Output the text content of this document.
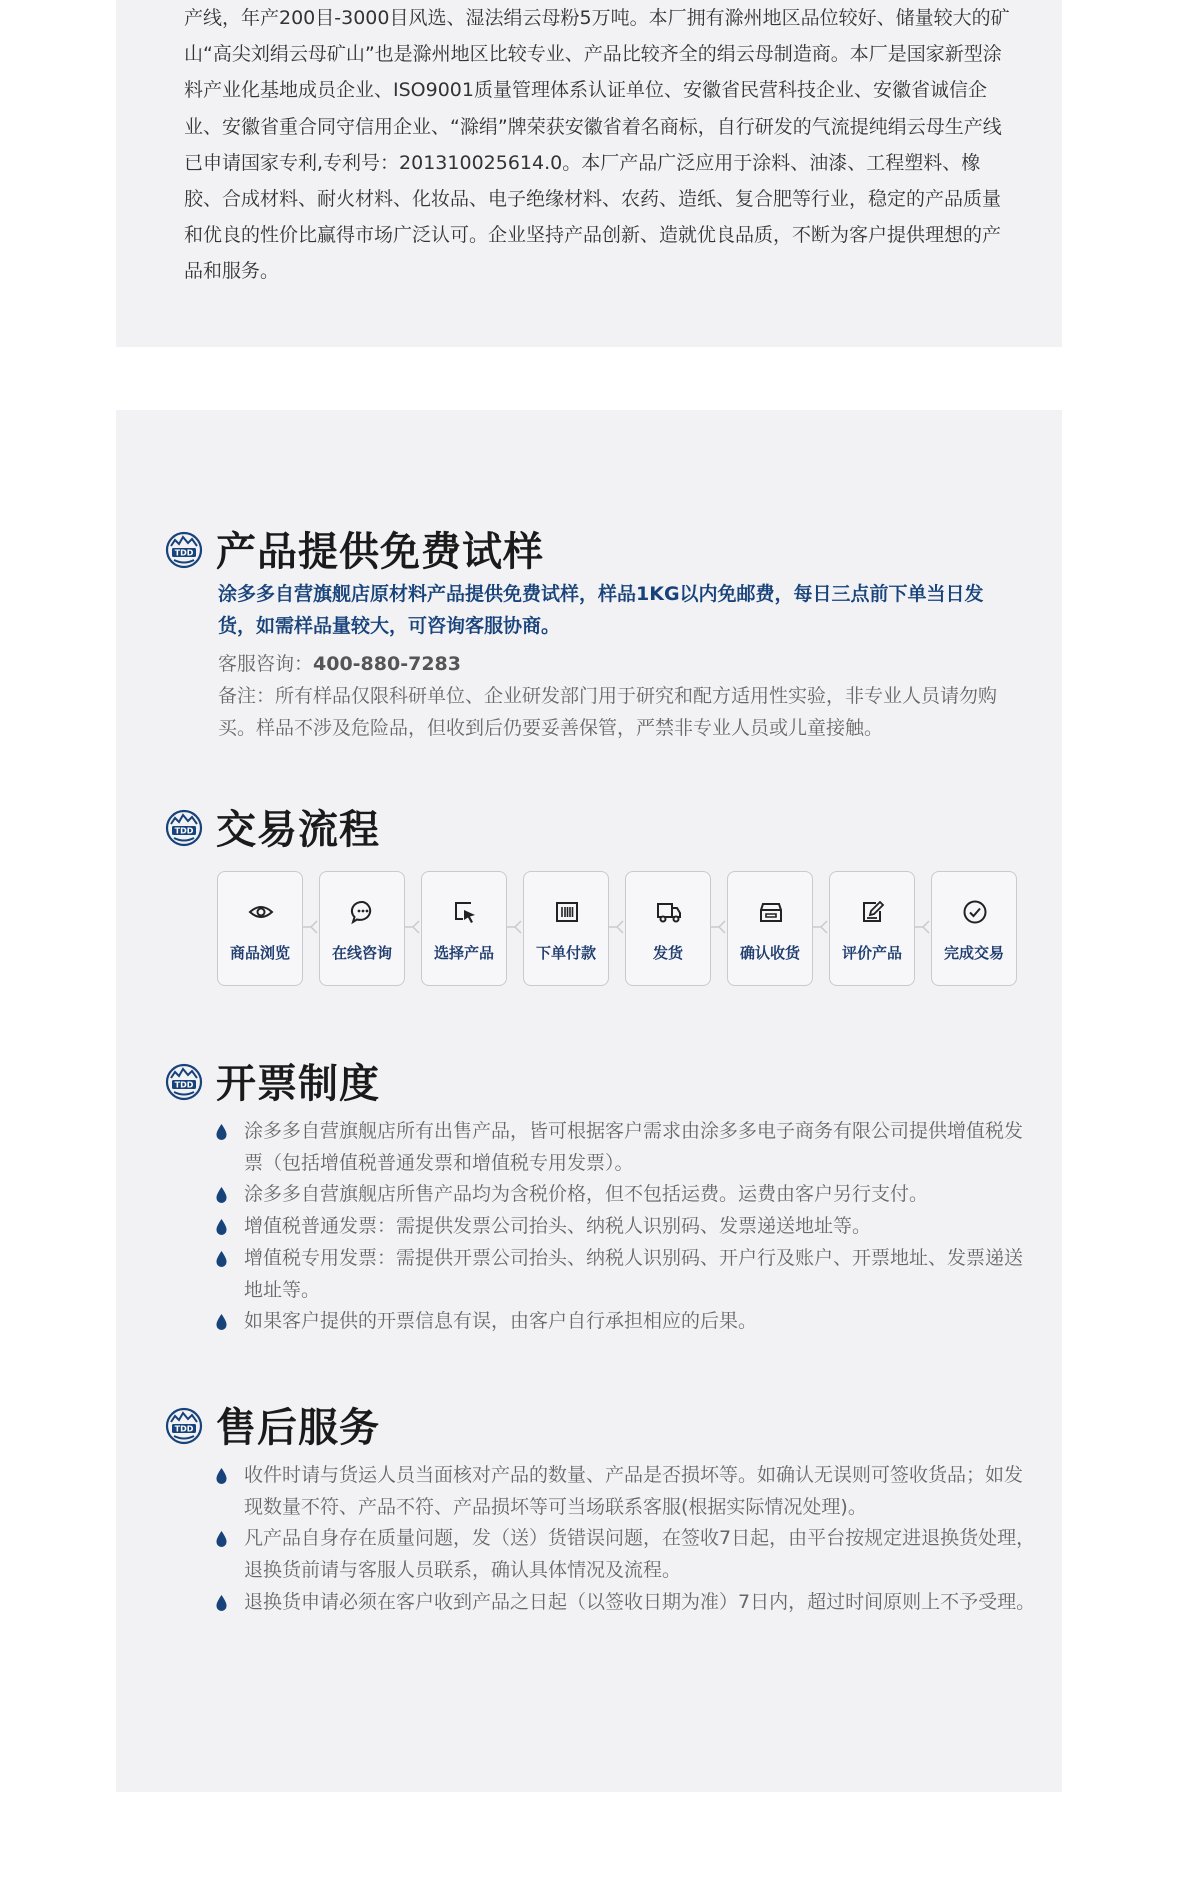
产线，年产200目-3000目风选、湿法绢云母粉5万吨。本厂拥有滁州地区品位较好、储量较大的矿山“高尖刘绢云母矿山”也是滁州地区比较专业、产品比较齐全的绢云母制造商。本厂是国家新型涂料产业化基地成员企业、ISO9001质量管理体系认证单位、安徽省民营科技企业、安徽省诚信企业、安徽省重合同守信用企业、“滁绢”牌荣获安徽省着名商标，自行研发的气流提纯绢云母生产线已申请国家专利,专利号：201310025614.0。本厂产品广泛应用于涂料、油漆、工程塑料、橡胶、合成材料、耐火材料、化妆品、电子绝缘材料、农药、造纸、复合肥等行业，稳定的产品质量和优良的性价比赢得市场广泛认可。企业坚持产品创新、造就优良品质，不断为客户提供理想的产品和服务。

TDD 产品提供免费试样

涂多多自营旗舰店原材料产品提供免费试样，样品1KG以内免邮费，每日三点前下单当日发货，如需样品量较大，可咨询客服协商。

客服咨询：400-880-7283

备注：所有样品仅限科研单位、企业研发部门用于研究和配方适用性实验，非专业人员请勿购买。样品不涉及危险品，但收到后仍要妥善保管，严禁非专业人员或儿童接触。

TDD 交易流程
商品浏览	在线咨询	选择产品	下单付款	发货	确认收货	评价产品	完成交易
TDD 开票制度
涂多多自营旗舰店所有出售产品，皆可根据客户需求由涂多多电子商务有限公司提供增值税发票（包括增值税普通发票和增值税专用发票）。
涂多多自营旗舰店所售产品均为含税价格，但不包括运费。运费由客户另行支付。
增值税普通发票：需提供发票公司抬头、纳税人识别码、发票递送地址等。
增值税专用发票：需提供开票公司抬头、纳税人识别码、开户行及账户、开票地址、发票递送地址等。
如果客户提供的开票信息有误，由客户自行承担相应的后果。
TDD 售后服务
收件时请与货运人员当面核对产品的数量、产品是否损坏等。如确认无误则可签收货品；如发现数量不符、产品不符、产品损坏等可当场联系客服(根据实际情况处理)。
凡产品自身存在质量问题，发（送）货错误问题，在签收7日起，由平台按规定进退换货处理，退换货前请与客服人员联系，确认具体情况及流程。
退换货申请必须在客户收到产品之日起（以签收日期为准）7日内，超过时间原则上不予受理。
